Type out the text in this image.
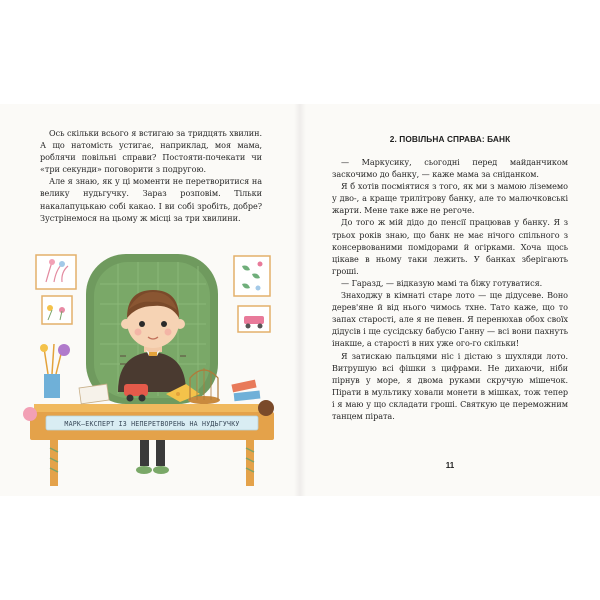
Ось скільки всього я встигаю за тридцять хвилин. А що натомість устигає, наприклад, моя мама, роблячи повільні справи? Постояти-почекати чи «три секунди» поговорити з подругою.

Але я знаю, як у ці моменти не перетворитися на велику нудьгучку. Зараз розповім. Тільки накалапуцькаю собі какао. І ви собі зробіть, добре? Зустрінемося на цьому ж місці за три хвилини.

МАРК—ЕКСПЕРТ ІЗ НЕПЕРЕТВОРЕНЬ НА НУДЬГУЧКУ
2. ПОВІЛЬНА СПРАВА: БАНК

— Маркусику, сьогодні перед майданчиком заскочимо до банку, — каже мама за сніданком.

Я б хотів посміятися з того, як ми з мамою ліземемо у дво-, а краще трилітрову банку, але то малючковські жарти. Мене таке вже не регоче.

До того ж мій дідо до пенсії працював у банку. Я з трьох років знаю, що банк не має нічого спільного з консервованими помідорами й огірками. Хоча щось цікаве в ньому таки лежить. У банках зберігають гроші.

— Гаразд, — відказую мамі та біжу готуватися.

Знаходжу в кімнаті старе лото — ще дідусеве. Воно дерев'яне й від нього чимось тхне. Тато каже, що то запах старості, але я не певен. Я перенюхав обох своїх дідусів і ще сусідську бабусю Ганну — всі вони пахнуть інакше, а старості в них уже ого-го скільки!

Я затискаю пальцями ніс і дістаю з шухляди лото. Витрушую всі фішки з цифрами. Не дихаючи, ніби пірнув у море, я двома руками скручую мішечок. Пірати в мультику ховали монети в мішках, тож тепер і я маю у що складати гроші. Святкую це переможним танцем пірата.

11
